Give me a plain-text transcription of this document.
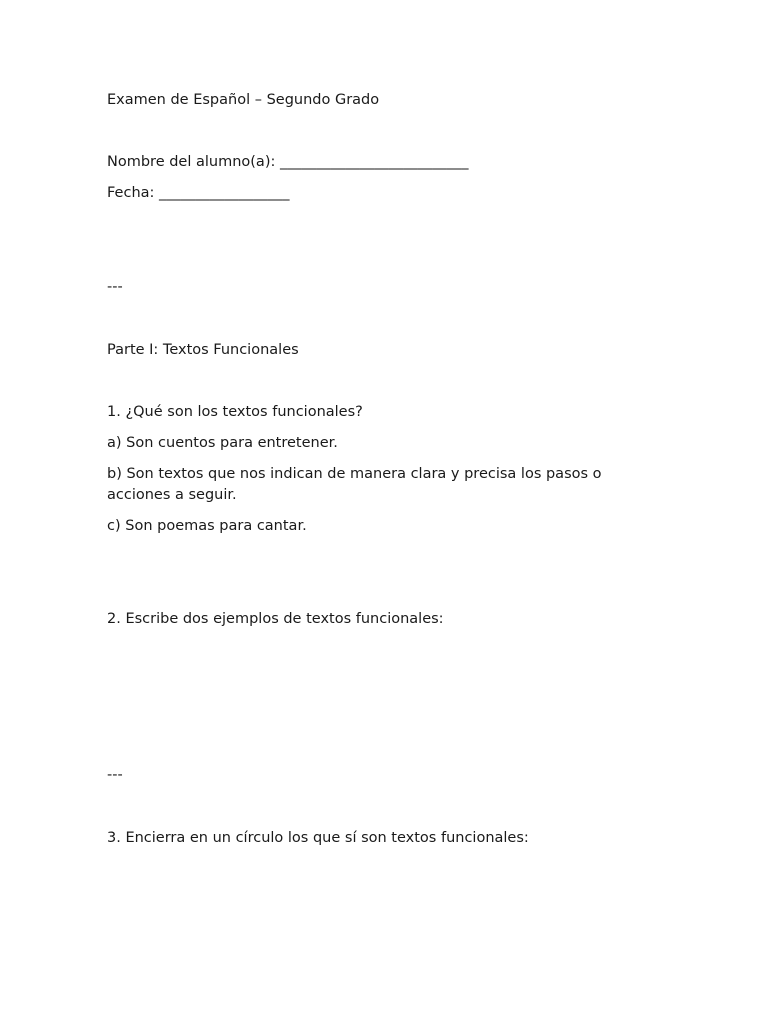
Examen de Español – Segundo Grado
Nombre del alumno(a): __________________________
Fecha: __________________
---
Parte I: Textos Funcionales
1. ¿Qué son los textos funcionales?
a) Son cuentos para entretener.
b) Son textos que nos indican de manera clara y precisa los pasos o acciones a seguir.
c) Son poemas para cantar.
2. Escribe dos ejemplos de textos funcionales:
---
3. Encierra en un círculo los que sí son textos funcionales:
